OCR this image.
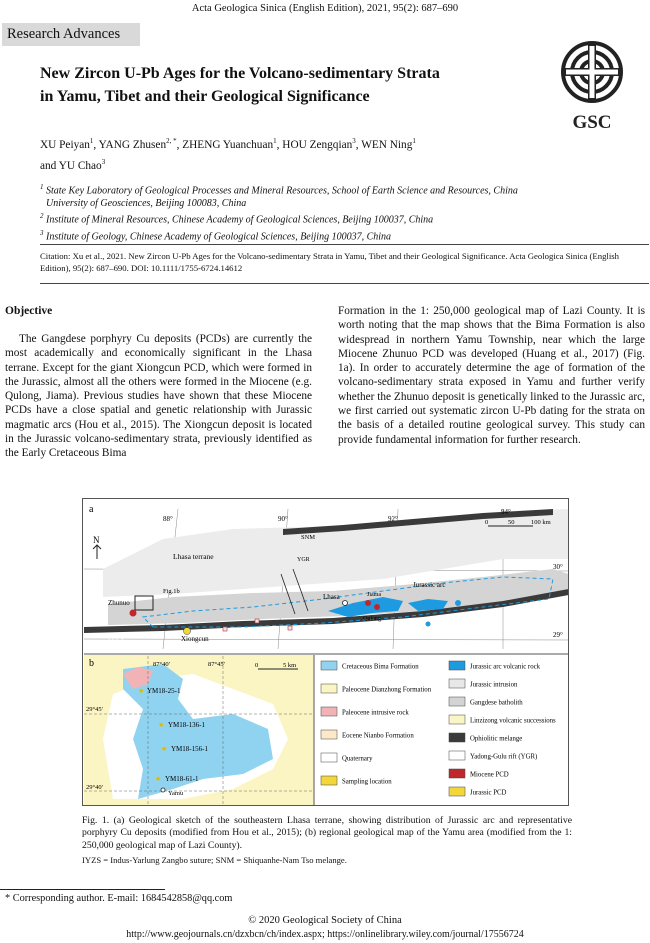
Acta Geologica Sinica (English Edition), 2021, 95(2): 687–690
Research Advances
New Zircon U-Pb Ages for the Volcano-sedimentary Strata
in Yamu, Tibet and their Geological Significance
GSC
XU Peiyan$^1$, YANG Zhusen$^{2, *}$, ZHENG Yuanchuan$^1$, HOU Zengqian$^3$, WEN Ning$^1$
and YU Chao$^3$
$^1$ State Key Laboratory of Geological Processes and Mineral Resources, School of Earth Science and Resources, China
University of Geosciences, Beijing 100083, China
$^2$ Institute of Mineral Resources, Chinese Academy of Geological Sciences, Beijing 100037, China
$^3$ Institute of Geology, Chinese Academy of Geological Sciences, Beijing 100037, China
Citation: Xu et al., 2021. New Zircon U-Pb Ages for the Volcano-sedimentary Strata in Yamu, Tibet and their Geological Significance. Acta Geologica Sinica (English Edition), 95(2): 687–690. DOI: 10.1111/1755-6724.14612
Objective
The Gangdese porphyry Cu deposits (PCDs) are currently the most academically and economically significant in the Lhasa terrane. Except for the giant Xiongcun PCD, which were formed in the Jurassic, almost all the others were formed in the Miocene (e.g. Qulong, Jiama). Previous studies have shown that these Miocene PCDs have a close spatial and genetic relationship with Jurassic magmatic arcs (Hou et al., 2015). The Xiongcun deposit is located in the Jurassic volcano-sedimentary strata, previously identified as the Early Cretaceous Bima
Formation in the 1: 250,000 geological map of Lazi County. It is worth noting that the map shows that the Bima Formation is also widespread in northern Yamu Township, near which the large Miocene Zhunuo PCD was developed (Huang et al., 2017) (Fig. 1a). In order to accurately determine the age of formation of the volcano-sedimentary strata exposed in Yamu and further verify whether the Zhunuo deposit is genetically linked to the Jurassic arc, we first carried out systematic zircon U-Pb dating for the strata on the basis of a detailed routine geological survey. This study can provide fundamental information for further research.
a
88°	90°	92°
94°
30°
29°
0	50	100 km
N
Lhasa terrane
Zhunuo
Fig.1b
IYZS	Xiongcun
SNM
YGR
Lhasa	Jiama
Qulong
Jurassic arc
b	87°40'	87°45'
29°45'
29°40'
0	5 km
★ YM18-25-1
★ YM18-136-1
★ YM18-156-1
★ YM18-61-1
Yamu
Cretaceous Bima Formation
Paleocene Dianzhong Formation
Paleocene intrusive rock
Eocene Nianbo Formation
Quaternary
Sampling location
Jurassic arc volcanic rock
Jurassic intrusion
Gangdese batholith
Linzizong volcanic successions
Ophiolitic melange
Yadong-Gulu rift (YGR)
Miocene PCD
Jurassic PCD
Fig. 1. (a) Geological sketch of the southeastern Lhasa terrane, showing distribution of Jurassic arc and representative porphyry Cu deposits (modified from Hou et al., 2015); (b) regional geological map of the Yamu area (modified from the 1: 250,000 geological map of Lazi County).
IYZS = Indus-Yarlung Zangbo suture; SNM = Shiquanhe-Nam Tso melange.
* Corresponding author. E-mail: 1684542858@qq.com
© 2020 Geological Society of China
http://www.geojournals.cn/dzxbcn/ch/index.aspx; https://onlinelibrary.wiley.com/journal/17556724
